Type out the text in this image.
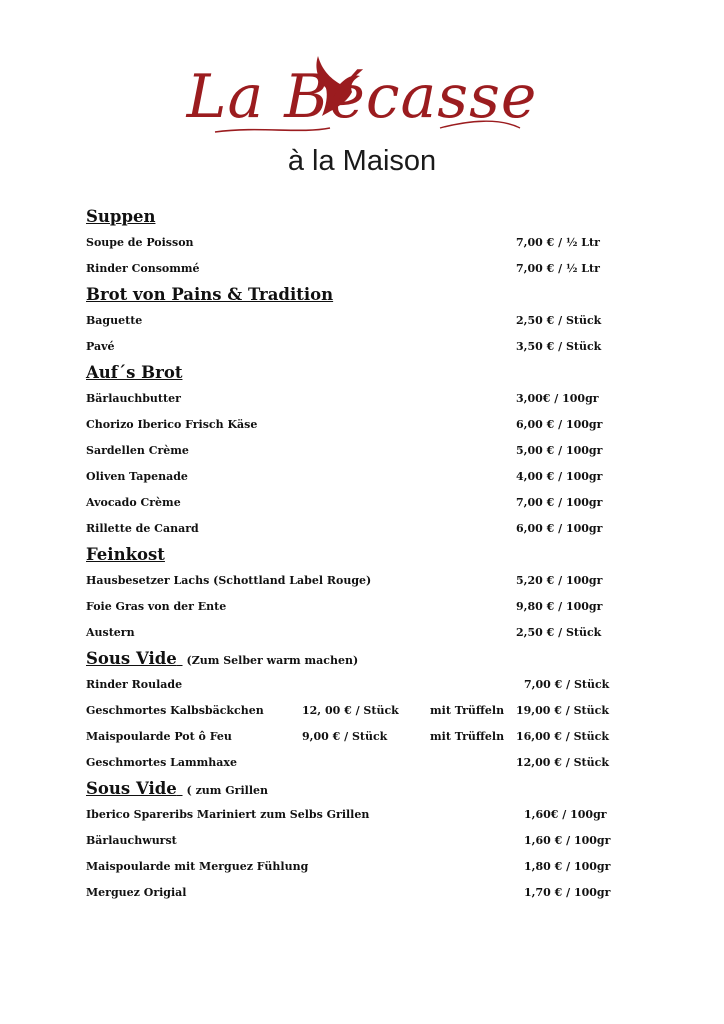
La Bécasse
à la Maison
Suppen
Soupe de Poisson	7,00 € / ½ Ltr
Rinder Consommé	7,00 € / ½ Ltr
Brot von Pains & Tradition
Baguette	2,50 € / Stück
Pavé	3,50 € / Stück
Auf´s Brot
Bärlauchbutter	3,00€ / 100gr
Chorizo Iberico Frisch Käse	6,00 € / 100gr
Sardellen Crème	5,00 € / 100gr
Oliven Tapenade	4,00 € / 100gr
Avocado Crème	7,00 € / 100gr
Rillette de Canard	6,00 € / 100gr
Feinkost
Hausbesetzer Lachs (Schottland Label Rouge)	5,20 € / 100gr
Foie Gras von der Ente	9,80 € / 100gr
Austern	2,50 € / Stück
Sous Vide (Zum Selber warm machen)
Rinder Roulade	7,00 € / Stück
Geschmortes Kalbsbäckchen	12, 00 € / Stück	mit Trüffeln 19,00 € / Stück
Maispoularde Pot ô Feu	9,00 € / Stück	mit Trüffeln 16,00 € / Stück
Geschmortes Lammhaxe	12,00 € / Stück
Sous Vide ( zum Grillen
Iberico Spareribs Mariniert zum Selbs Grillen	1,60€ / 100gr
Bärlauchwurst	1,60 € / 100gr
Maispoularde mit Merguez Fühlung	1,80 € / 100gr
Merguez Origial	1,70 € / 100gr
